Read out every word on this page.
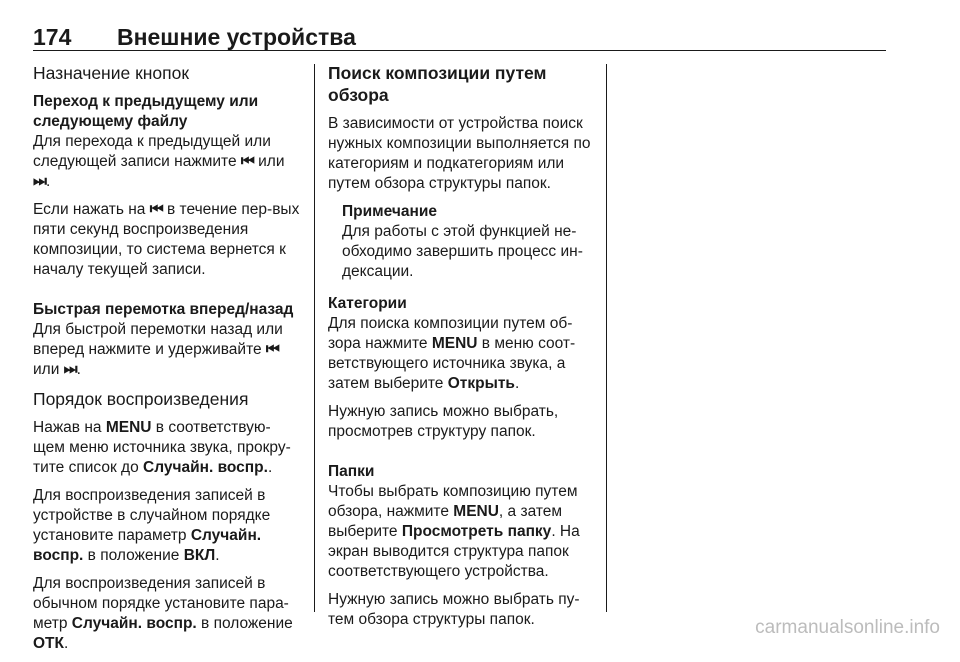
174 Внешние устройства
Назначение кнопок
Переход к предыдущему или следующему файлу

Для перехода к предыдущей или следующей записи нажмите ⏮ или ⏭.

Если нажать на ⏮ в течение пер-вых пяти секунд воспроизведения композиции, то система вернется к началу текущей записи.

Быстрая перемотка вперед/назад

Для быстрой перемотки назад или вперед нажмите и удерживайте ⏮ или ⏭.

Порядок воспроизведения

Нажав на MENU в соответствую-щем меню источника звука, прокру-тите список до Случайн. воспр..

Для воспроизведения записей в устройстве в случайном порядке установите параметр Случайн. воспр. в положение ВКЛ.

Для воспроизведения записей в обычном порядке установите пара-метр Случайн. воспр. в положение ОТК.

Поиск композиции путем обзора

В зависимости от устройства поиск нужных композиции выполняется по категориям и подкатегориям или путем обзора структуры папок.

Примечание
Для работы с этой функцией не-обходимо завершить процесс ин-дексации.
Категории

Для поиска композиции путем об-зора нажмите MENU в меню соот-ветствующего источника звука, а затем выберите Открыть.

Нужную запись можно выбрать, просмотрев структуру папок.

Папки

Чтобы выбрать композицию путем обзора, нажмите MENU, а затем выберите Просмотреть папку. На экран выводится структура папок соответствующего устройства.

Нужную запись можно выбрать пу-тем обзора структуры папок.	carmanualsonline.info
